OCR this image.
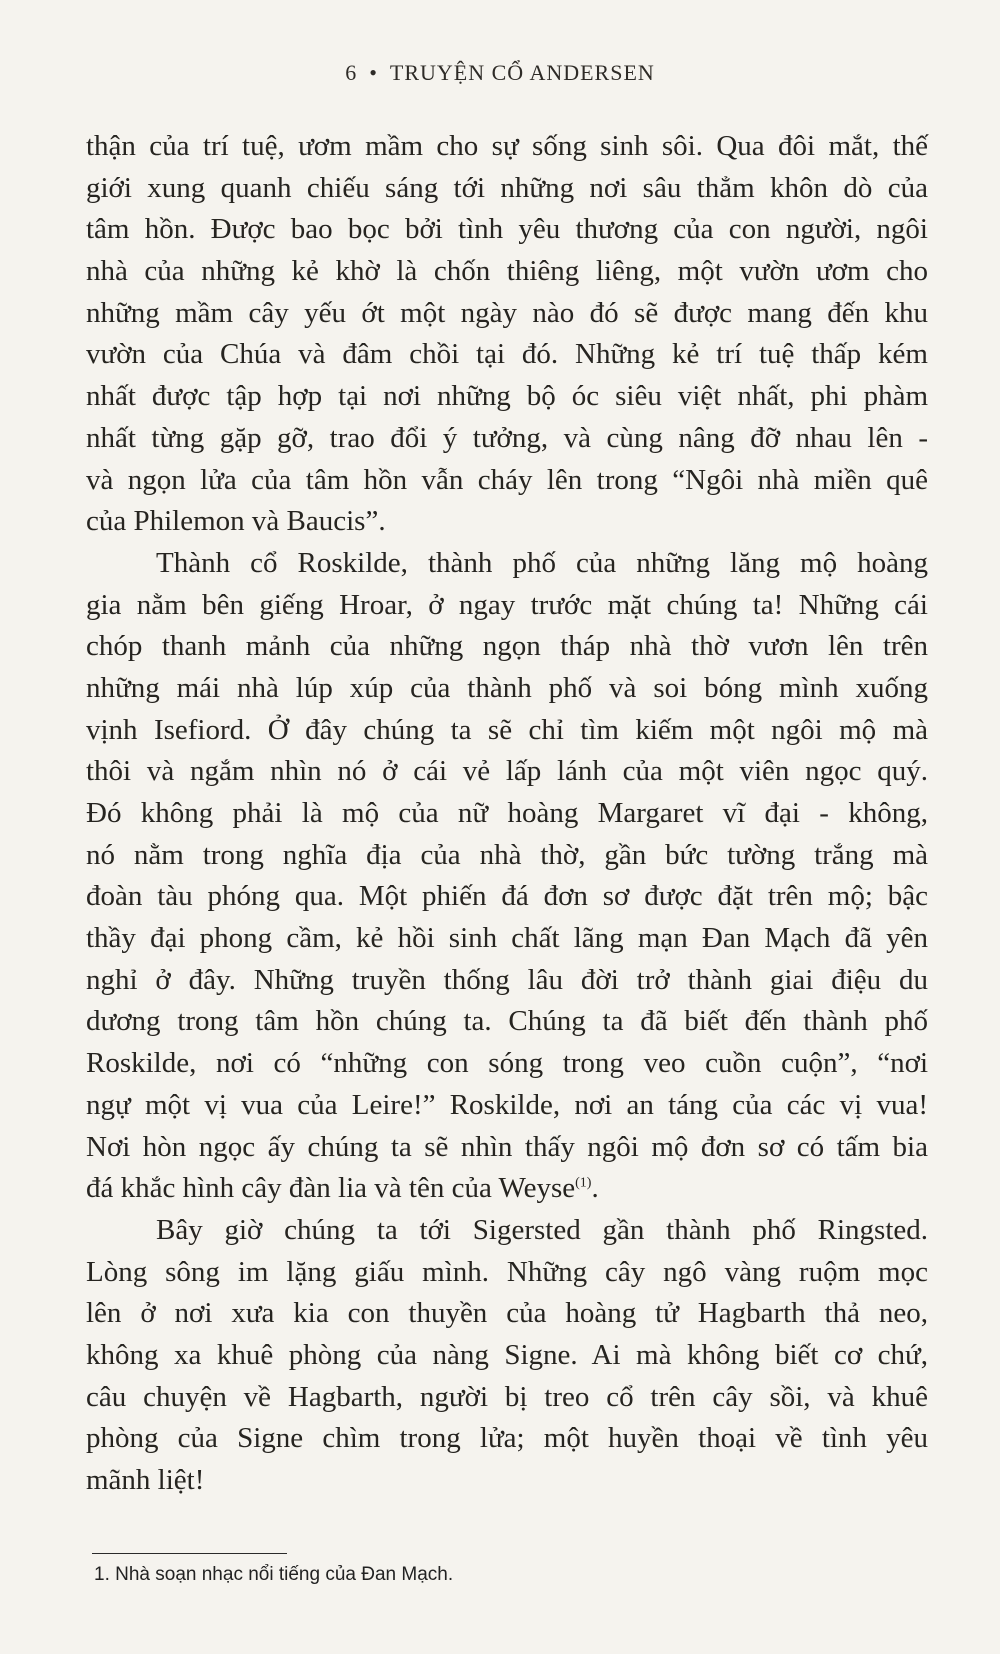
6 • TRUYỆN CỔ ANDERSEN
thận của trí tuệ, ươm mầm cho sự sống sinh sôi. Qua đôi mắt, thế
giới xung quanh chiếu sáng tới những nơi sâu thẳm khôn dò của
tâm hồn. Được bao bọc bởi tình yêu thương của con người, ngôi
nhà của những kẻ khờ là chốn thiêng liêng, một vườn ươm cho
những mầm cây yếu ớt một ngày nào đó sẽ được mang đến khu
vườn của Chúa và đâm chồi tại đó. Những kẻ trí tuệ thấp kém
nhất được tập hợp tại nơi những bộ óc siêu việt nhất, phi phàm
nhất từng gặp gỡ, trao đổi ý tưởng, và cùng nâng đỡ nhau lên -
và ngọn lửa của tâm hồn vẫn cháy lên trong “Ngôi nhà miền quê
của Philemon và Baucis”.
Thành cổ Roskilde, thành phố của những lăng mộ hoàng
gia nằm bên giếng Hroar, ở ngay trước mặt chúng ta! Những cái
chóp thanh mảnh của những ngọn tháp nhà thờ vươn lên trên
những mái nhà lúp xúp của thành phố và soi bóng mình xuống
vịnh Isefiord. Ở đây chúng ta sẽ chỉ tìm kiếm một ngôi mộ mà
thôi và ngắm nhìn nó ở cái vẻ lấp lánh của một viên ngọc quý.
Đó không phải là mộ của nữ hoàng Margaret vĩ đại - không,
nó nằm trong nghĩa địa của nhà thờ, gần bức tường trắng mà
đoàn tàu phóng qua. Một phiến đá đơn sơ được đặt trên mộ; bậc
thầy đại phong cầm, kẻ hồi sinh chất lãng mạn Đan Mạch đã yên
nghỉ ở đây. Những truyền thống lâu đời trở thành giai điệu du
dương trong tâm hồn chúng ta. Chúng ta đã biết đến thành phố
Roskilde, nơi có “những con sóng trong veo cuồn cuộn”, “nơi
ngự một vị vua của Leire!” Roskilde, nơi an táng của các vị vua!
Nơi hòn ngọc ấy chúng ta sẽ nhìn thấy ngôi mộ đơn sơ có tấm bia
đá khắc hình cây đàn lia và tên của Weyse$^{(1)}$.
Bây giờ chúng ta tới Sigersted gần thành phố Ringsted.
Lòng sông im lặng giấu mình. Những cây ngô vàng ruộm mọc
lên ở nơi xưa kia con thuyền của hoàng tử Hagbarth thả neo,
không xa khuê phòng của nàng Signe. Ai mà không biết cơ chứ,
câu chuyện về Hagbarth, người bị treo cổ trên cây sồi, và khuê
phòng của Signe chìm trong lửa; một huyền thoại về tình yêu
mãnh liệt!
1. Nhà soạn nhạc nổi tiếng của Đan Mạch.
